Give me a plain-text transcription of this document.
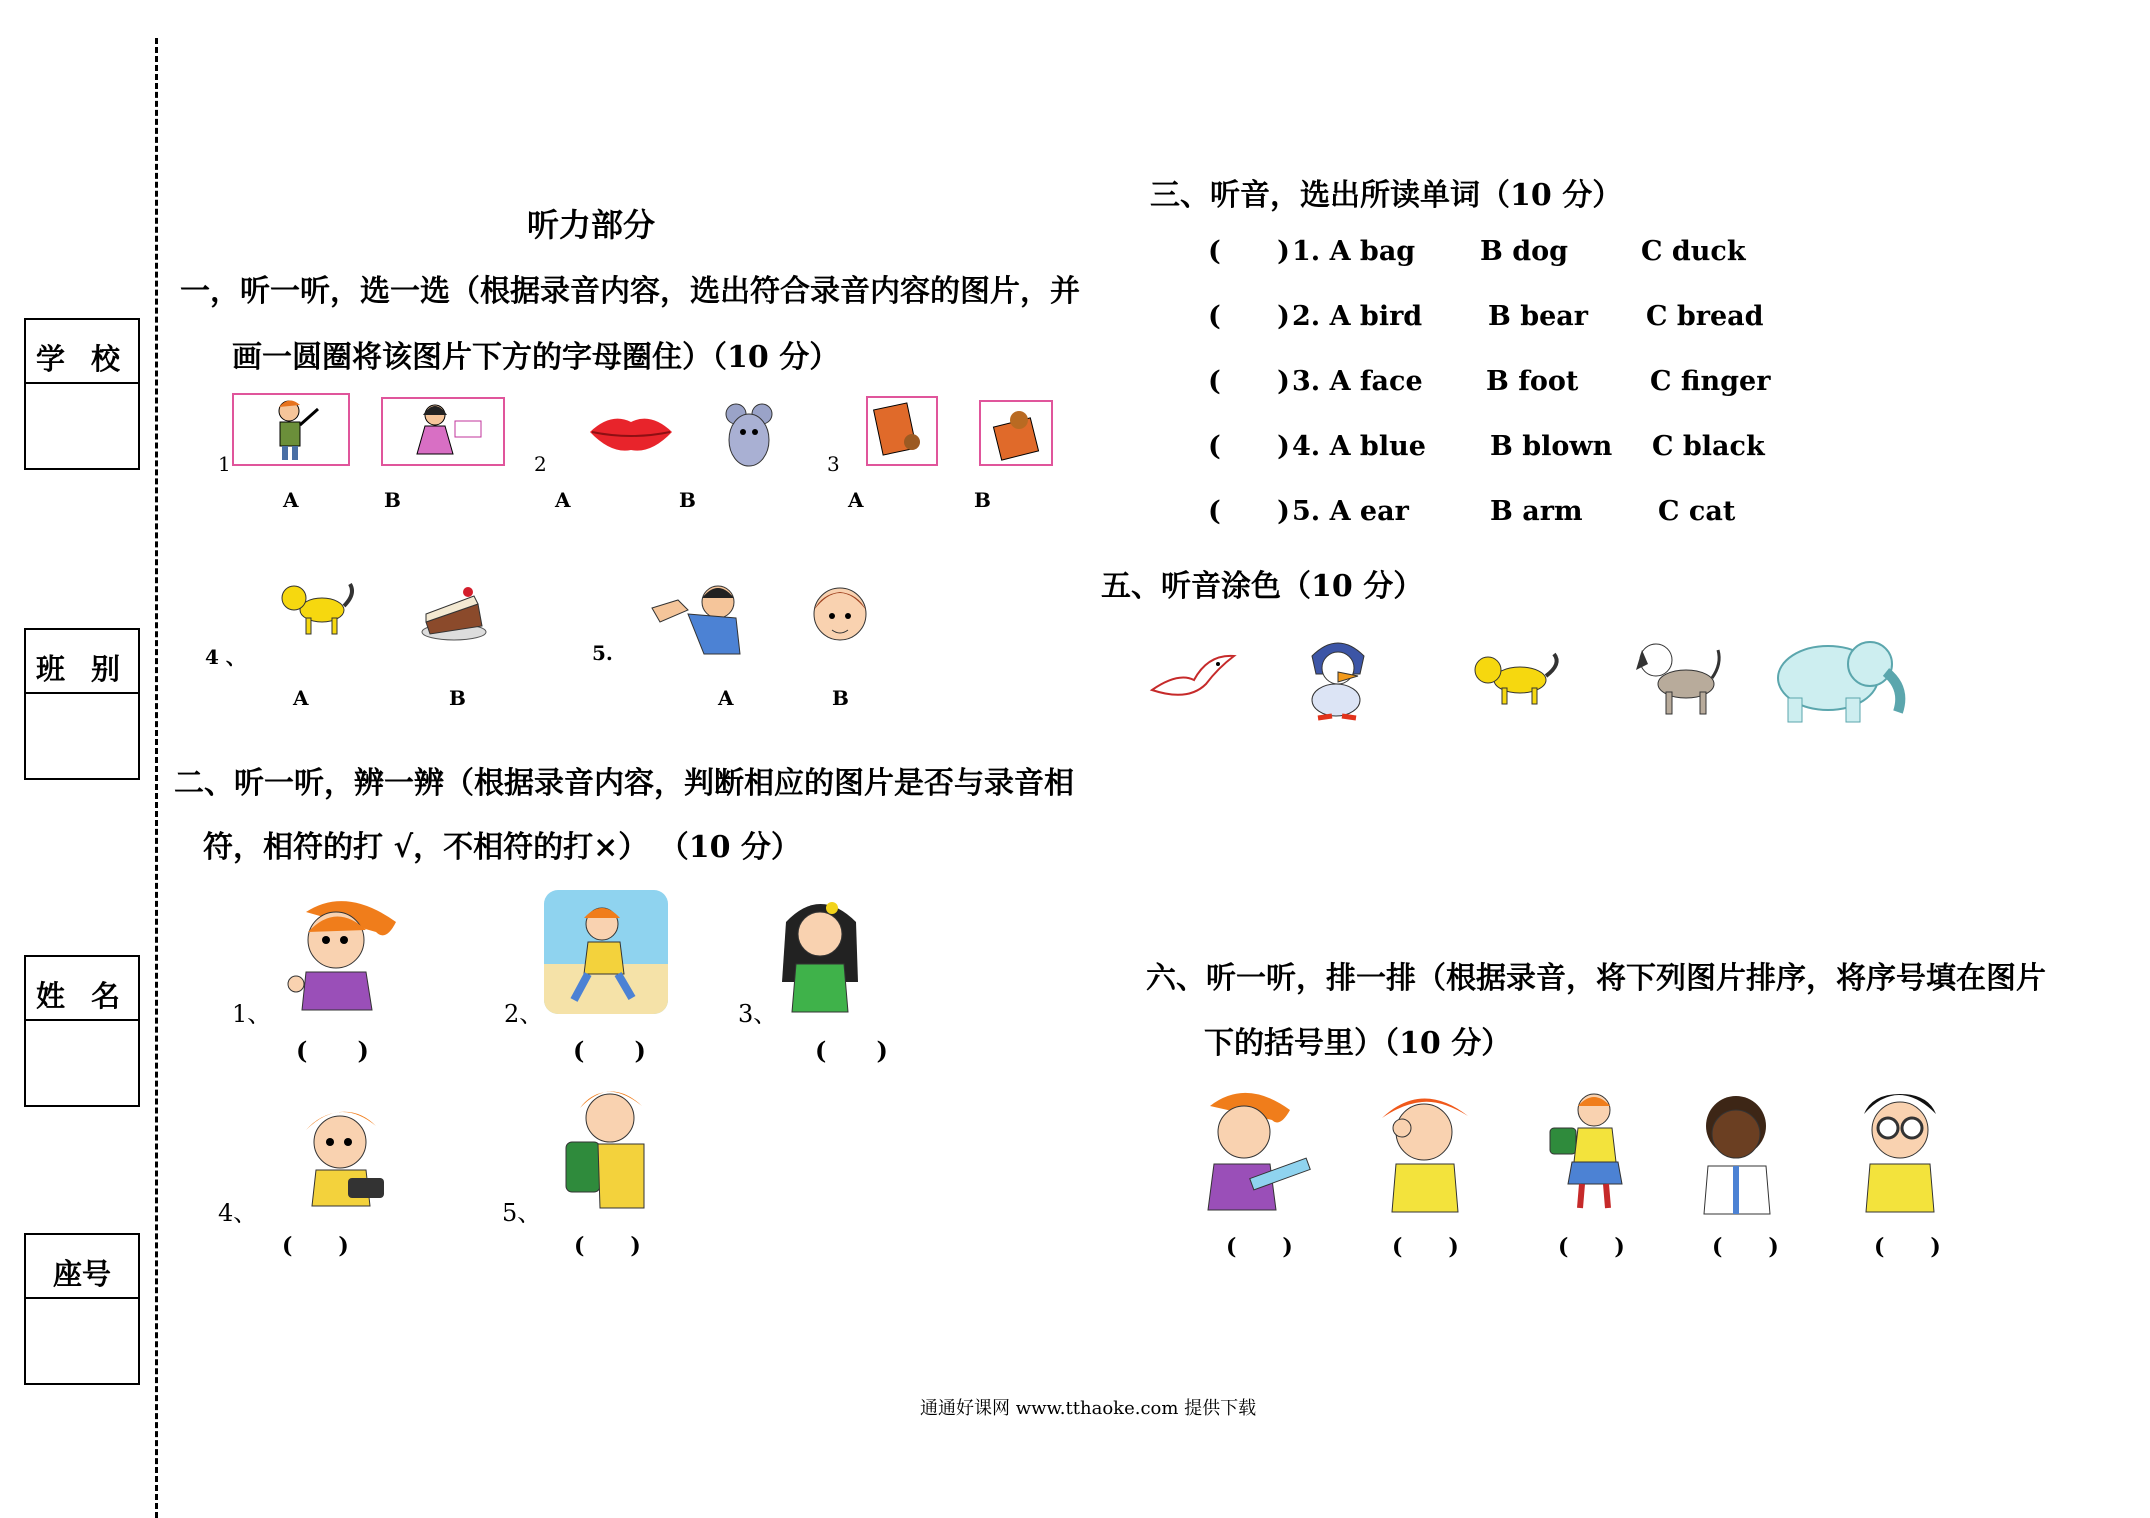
学 校
班 别
姓 名
座号
听力部分
一，听一听，选一选（根据录音内容，选出符合录音内容的图片，并
画一圆圈将该图片下方的字母圈住）（10 分）
1	2	3
A	B	A	B	A	B
4 、	5.
A	B	A	B
二、听一听，辨一辨（根据录音内容，判断相应的图片是否与录音相
符，相符的打 √，不相符的打×） （10 分）
1、	2、	3、
(      )	(      )	(      )
4、	5、
(      )	(      )
三、听音，选出所读单词（10 分）
(      ) 1. A bag B dog	C duck
(      ) 2. A bird B bear C bread
(      ) 3. A face B foot	C finger
(      ) 4. A blue B blown C black
(      ) 5. A ear	B arm	C cat
五、听音涂色（10 分）
六、听一听，排一排（根据录音，将下列图片排序，将序号填在图片
下的括号里）（10 分）
(      )	(      )	(      )	(      )	(      )
通通好课网 www.tthaoke.com 提供下载
